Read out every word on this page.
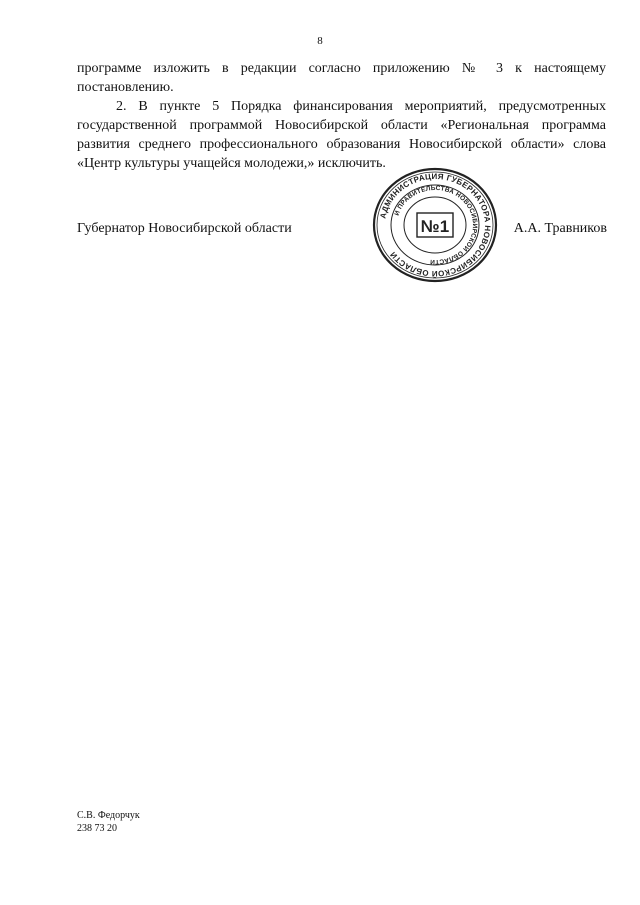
8
программе изложить в редакции согласно приложению № 3 к настоящему постановлению.
2. В пункте 5 Порядка финансирования мероприятий, предусмотренных государственной программой Новосибирской области «Региональная программа развития среднего профессионального образования Новосибирской области» слова «Центр культуры учащейся молодежи,» исключить.
Губернатор Новосибирской области	А.А. Травников
АДМИНИСТРАЦИЯ ГУБЕРНАТОРА НОВОСИБИРСКОЙ ОБЛАСТИ
И ПРАВИТЕЛЬСТВА НОВОСИБИРСКОЙ ОБЛАСТИ
№1
С.В. Федорчук
238 73 20
